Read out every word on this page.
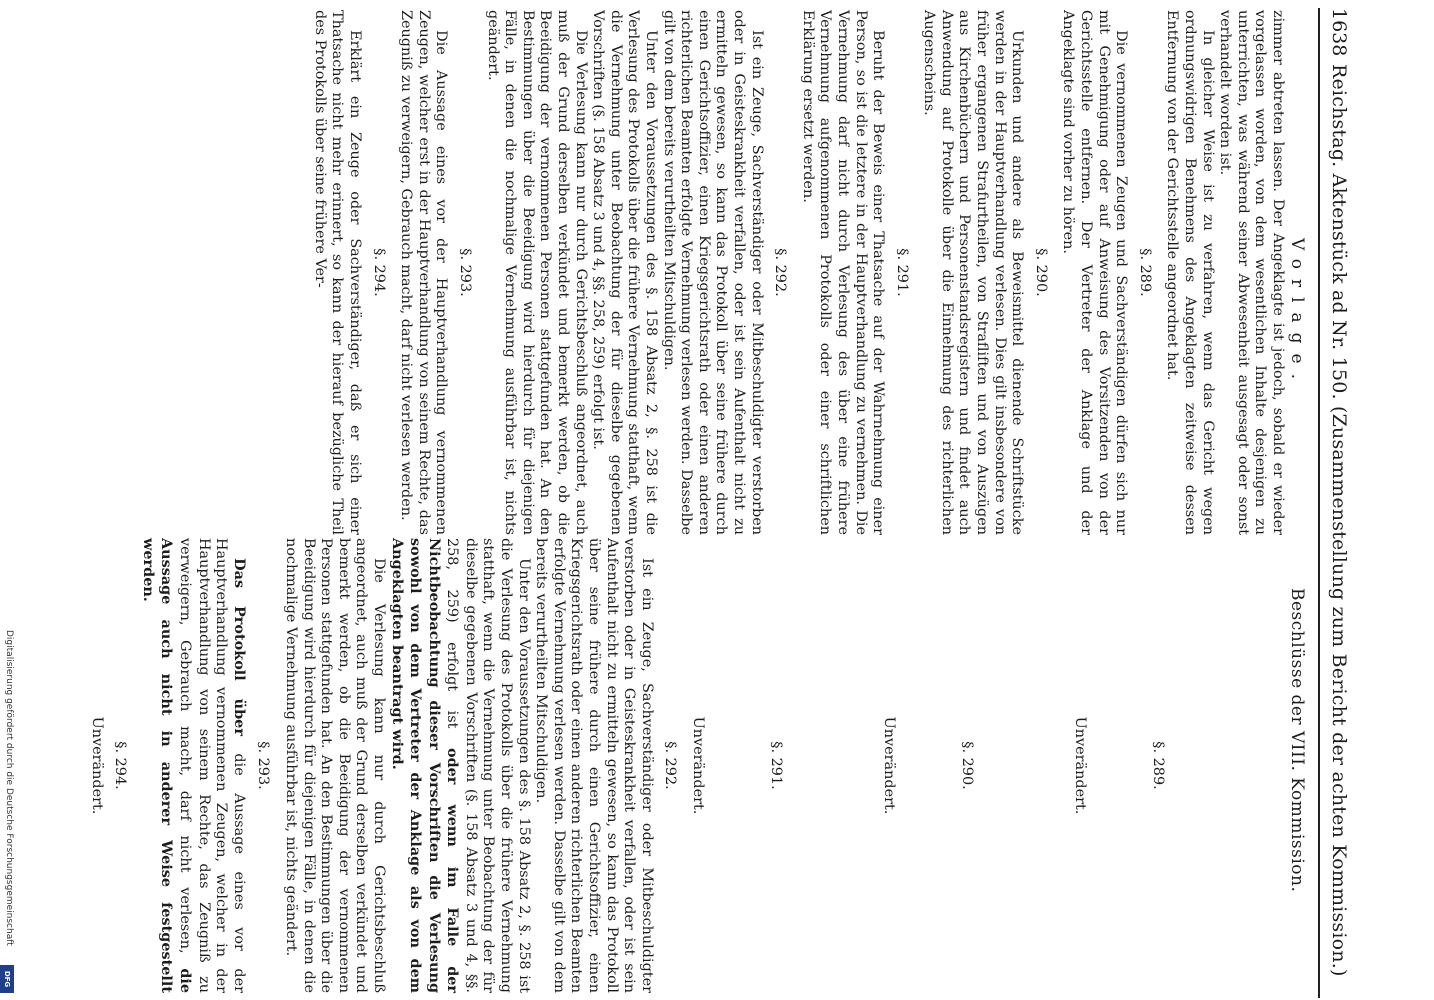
1638
Reichstag. Aktenstück ad Nr. 150. (Zusammenstellung zum Bericht der achten Kommission.)
Vorlage.
Beschlüsse der VIII. Kommission.

zimmer abtreten lassen. Der Angeklagte ist jedoch, sobald er wieder vorgelassen worden, von dem wesentlichen Inhalte desjenigen zu unterrichten, was während seiner Abwesenheit ausgesagt oder sonst verhandelt worden ist.

In gleicher Weise ist zu verfahren, wenn das Gericht wegen ordnungswidrigen Benehmens des Angeklagten zeitweise dessen Entfernung von der Gerichtsstelle angeordnet hat.

§. 289.

Die vernommenen Zeugen und Sachverständigen dürfen sich nur mit Genehmigung oder auf Anweisung des Vorsitzenden von der Gerichtsstelle entfernen. Der Vertreter der Anklage und der Angeklagte sind vorher zu hören.

§. 290.

Urkunden und andere als Beweismittel dienende Schriftstücke werden in der Hauptverhandlung verlesen. Dies gilt insbesondere von früher ergangenen Strafurtheilen, von Strafliften und von Auszügen aus Kirchenbüchern und Personenstandsregistern und findet auch Anwendung auf Protokolle über die Einnehmung des richterlichen Augenscheins.

§. 291.

Beruht der Beweis einer Thatsache auf der Wahrnehmung einer Person, so ist die letztere in der Hauptverhandlung zu vernehmen. Die Vernehmung darf nicht durch Verlesung des über eine frühere Vernehmung aufgenommenen Protokolls oder einer schriftlichen Erklärung ersetzt werden.

§. 292.

Ist ein Zeuge, Sachverständiger oder Mitbeschuldigter verstorben oder in Geisteskrankheit verfallen, oder ist sein Aufenthalt nicht zu ermitteln gewesen, so kann das Protokoll über seine frühere durch einen Gerichtsoffizier, einen Kriegsgerichtsrath oder einen anderen richterlichen Beamten erfolgte Vernehmung verlesen werden. Dasselbe gilt von dem bereits verurtheilten Mitschuldigen.

Unter den Voraussetzungen des §. 158 Absatz 2, §. 258 ist die Verlesung des Protokolls über die frühere Vernehmung statthaft, wenn die Vernehmung unter Beobachtung der für dieselbe gegebenen Vorschriften (§. 158 Absatz 3 und 4, §§. 258, 259) erfolgt ist.

Die Verlesung kann nur durch Gerichtsbeschluß angeordnet, auch muß der Grund derselben verkündet und bemerkt werden, ob die Beeidigung der vernommenen Personen stattgefunden hat. An den Bestimmungen über die Beeidigung wird hierdurch für diejenigen Fälle, in denen die nochmalige Vernehmung ausführbar ist, nichts geändert.

§. 293.

Die Aussage eines vor der Hauptverhandlung vernommenen Zeugen, welcher erst in der Hauptverhandlung von seinem Rechte, das Zeugniß zu verweigern, Gebrauch macht, darf nicht verlesen werden.

§. 294.

Erklärt ein Zeuge oder Sachverständiger, daß er sich einer Thatsache nicht mehr erinnert, so kann der hierauf bezügliche Theil des Protokolls über seine frühere Ver-

§. 289.
Unverändert.
§. 290.
Unverändert.
§. 291.
Unverändert.
§. 292.

Ist ein Zeuge, Sachverständiger oder Mitbeschuldigter verstorben oder in Geisteskrankheit verfallen, oder ist sein Aufenthalt nicht zu ermitteln gewesen, so kann das Protokoll über seine frühere durch einen Gerichtsoffizier, einen Kriegsgerichtsrath oder einen anderen richterlichen Beamten erfolgte Vernehmung verlesen werden. Dasselbe gilt von dem bereits verurtheilten Mitschuldigen.

Unter den Voraussetzungen des §. 158 Absatz 2, §. 258 ist die Verlesung des Protokolls über die frühere Vernehmung statthaft, wenn die Vernehmung unter Beobachtung der für dieselbe gegebenen Vorschriften (§. 158 Absatz 3 und 4, §§. 258, 259) erfolgt ist oder wenn im Falle der Nichtbeobachtung dieser Vorschriften die Verlesung sowohl von dem Vertreter der Anklage als von dem Angeklagten beantragt wird.

Die Verlesung kann nur durch Gerichtsbeschluß angeordnet, auch muß der Grund derselben verkündet und bemerkt werden, ob die Beeidigung der vernommenen Personen stattgefunden hat. An den Bestimmungen über die Beeidigung wird hierdurch für diejenigen Fälle, in denen die nochmalige Vernehmung ausführbar ist, nichts geändert.

§. 293.

Das Protokoll über die Aussage eines vor der Hauptverhandlung vernommenen Zeugen, welcher in der Hauptverhandlung von seinem Rechte, das Zeugniß zu verweigern, Gebrauch macht, darf nicht verlesen, die Aussage auch nicht in anderer Weise festgestellt werden.

§. 294.
Unverändert.
Digitalisierung gefördert durch die Deutsche Forschungsgemeinschaft
DFG
